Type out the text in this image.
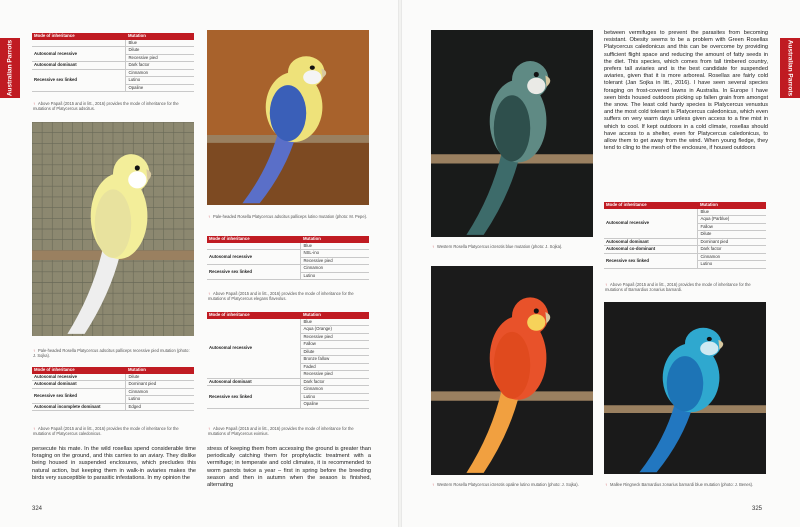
Australian Parrots	Australian Parrots
Mode of inheritance	Mutation
	Blue
Autosomal recessive	Dilute
	Recessive pied
Autosomal dominant	Dark factor
Recessive sex linked	Cinnamon
	Lutino
	Opaline
↑ Above Papaš (2015 and in litt., 2016) provides the mode of inheritance for the mutations of Platycercus adscitus.
↑ Pale-headed Rosella Platycercus adscitus palliceps recessive pied mutation (photo: J. Sojka).
Mode of inheritance	Mutation
Autosomal recessive	Dilute
Autosomal dominant	Dominant pied
Recessive sex linked	Cinnamon
	Lutino
Autosomal incomplete dominant	Edged
↑ Above Papaš (2015 and in litt., 2016) provides the mode of inheritance for the mutations of Platycercus caledonicus.

persecute his mate. In the wild rosellas spend considerable time foraging on the ground, and this carries to an aviary. They dislike being housed in suspended enclosures, which precludes this natural action, but keeping them in walk-in aviaries makes the birds very susceptible to parasitic infestations. In my opinion the

↑ Pale-headed Rosella Platycercus adscitus palliceps lutino mutation (photo: M. Pepe).
Mode of inheritance	Mutation
	Blue
Autosomal recessive	NSL-ino
	Recessive pied
Recessive sex linked	Cinnamon
	Lutino
↑ Above Papaš (2015 and in litt., 2016) provides the mode of inheritance for the mutations of Platycercus elegans flaveolus.
Mode of inheritance	Mutation
Autosomal recessive	Blue
	Aqua (Orange)
	Recessive pied
	Fallow
	Dilute
	Bronze fallow
	Faded
	Recessive pied
Autosomal dominant	Dark factor
Recessive sex linked	Cinnamon
	Lutino
	Opaline
↑ Above Papaš (2015 and in litt., 2016) provides the mode of inheritance for the mutations of Platycercus eximius.

stress of keeping them from accessing the ground is greater than periodically catching them for prophylactic treatment with a vermifuge; in temperate and cold climates, it is recommended to worm parrots twice a year – first in spring before the breeding season and then in autumn when the season is finished, alternating

324
↑ Western Rosella Platycercus icterotis blue mutation (photo: J. Sojka).
↑ Western Rosella Platycercus icterotis opaline lutino mutation (photo: J. Sojka).

between vermifuges to prevent the parasites from becoming resistant. Obesity seems to be a problem with Green Rosellas Platycercus caledonicus and this can be overcome by providing sufficient flight space and reducing the amount of fatty seeds in the diet. This species, which comes from tall timbered country, prefers tall aviaries and is the best candidate for suspended aviaries, given that it is more arboreal. Rosellas are fairly cold tolerant (Jan Sojka in litt., 2016). I have seen several species foraging on frost-covered lawns in Australia. In Europe I have seen birds housed outdoors picking up fallen grain from amongst the snow. The least cold hardy species is Platycercus venustus and the most cold tolerant is Platycercus caledonicus, which even suffers on very warm days unless given access to a fine mist in which to cool. If kept outdoors in a cold climate, rosellas should have access to a shelter, even for Platycercus caledonicus, to allow them to get away from the wind. When young fledge, they tend to cling to the mesh of the enclosure, if housed outdoors

Mode of inheritance	Mutation
Autosomal recessive	Blue
	Aqua (Parblue)
	Fallow
	Dilute
Autosomal dominant	Dominant pied
Autosomal co-dominant	Dark factor
Recessive sex linked	Cinnamon
	Lutino
↑ Above Papaš (2015 and in litt., 2016) provides the mode of inheritance for the mutations of Barnardius zonarius barnardi.
↑ Mallee Ringneck Barnardius zonarius barnardi blue mutation (photo: J. Benes).
325
